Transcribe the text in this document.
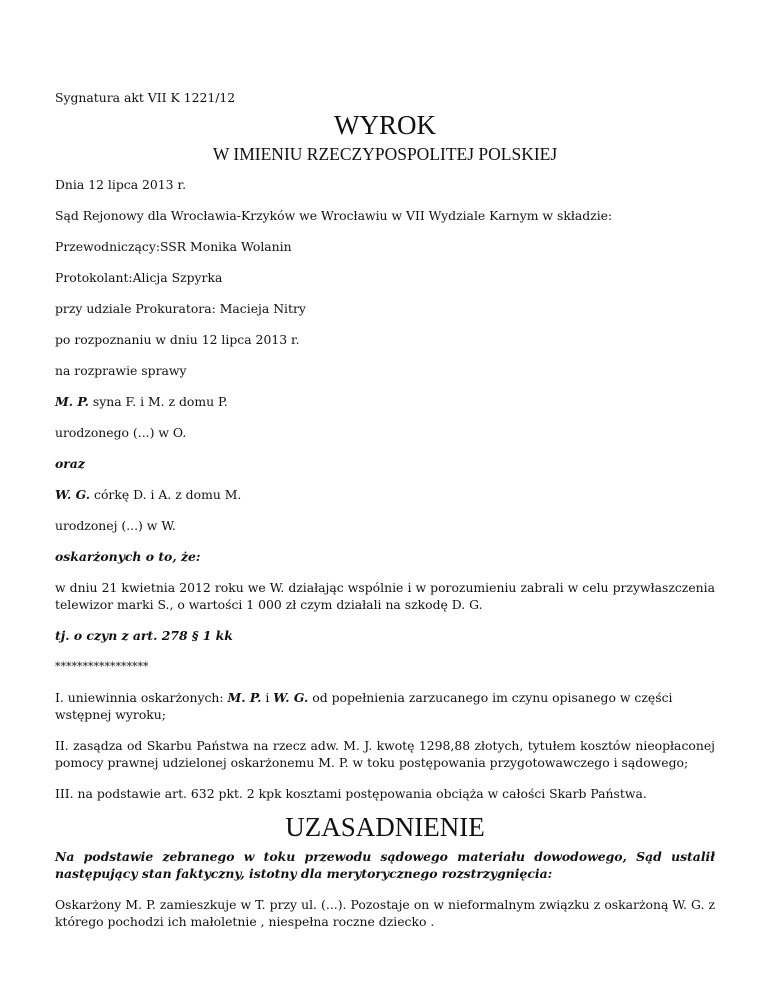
Sygnatura akt VII K 1221/12

WYROK
W IMIENIU RZECZYPOSPOLITEJ POLSKIEJ

Dnia 12 lipca 2013 r.

Sąd Rejonowy dla Wrocławia-Krzyków we Wrocławiu w VII Wydziale Karnym w składzie:

Przewodniczący:SSR Monika Wolanin

Protokolant:Alicja Szpyrka

przy udziale Prokuratora: Macieja Nitry

po rozpoznaniu w dniu 12 lipca 2013 r.

na rozprawie sprawy

M. P. syna F. i M. z domu P.

urodzonego (...) w O.

oraz

W. G. córkę D. i A. z domu M.

urodzonej (...) w W.

oskarżonych o to, że:

w dniu 21 kwietnia 2012 roku we W. działając wspólnie i w porozumieniu zabrali w celu przywłaszczenia telewizor marki S., o wartości 1 000 zł czym działali na szkodę D. G.

tj. o czyn z art. 278 § 1 kk

*****************

I. uniewinnia oskarżonych: M. P. i W. G. od popełnienia zarzucanego im czynu opisanego w części wstępnej wyroku;

II. zasądza od Skarbu Państwa na rzecz adw. M. J. kwotę 1298,88 złotych, tytułem kosztów nieopłaconej pomocy prawnej udzielonej oskarżonemu M. P. w toku postępowania przygotowawczego i sądowego;

III. na podstawie art. 632 pkt. 2 kpk kosztami postępowania obciąża w całości Skarb Państwa.

UZASADNIENIE

Na podstawie zebranego w toku przewodu sądowego materiału dowodowego, Sąd ustalił następujący stan faktyczny, istotny dla merytorycznego rozstrzygnięcia:

Oskarżony M. P. zamieszkuje w T. przy ul. (...). Pozostaje on w nieformalnym związku z oskarżoną W. G. z którego pochodzi ich małoletnie , niespełna roczne dziecko .
